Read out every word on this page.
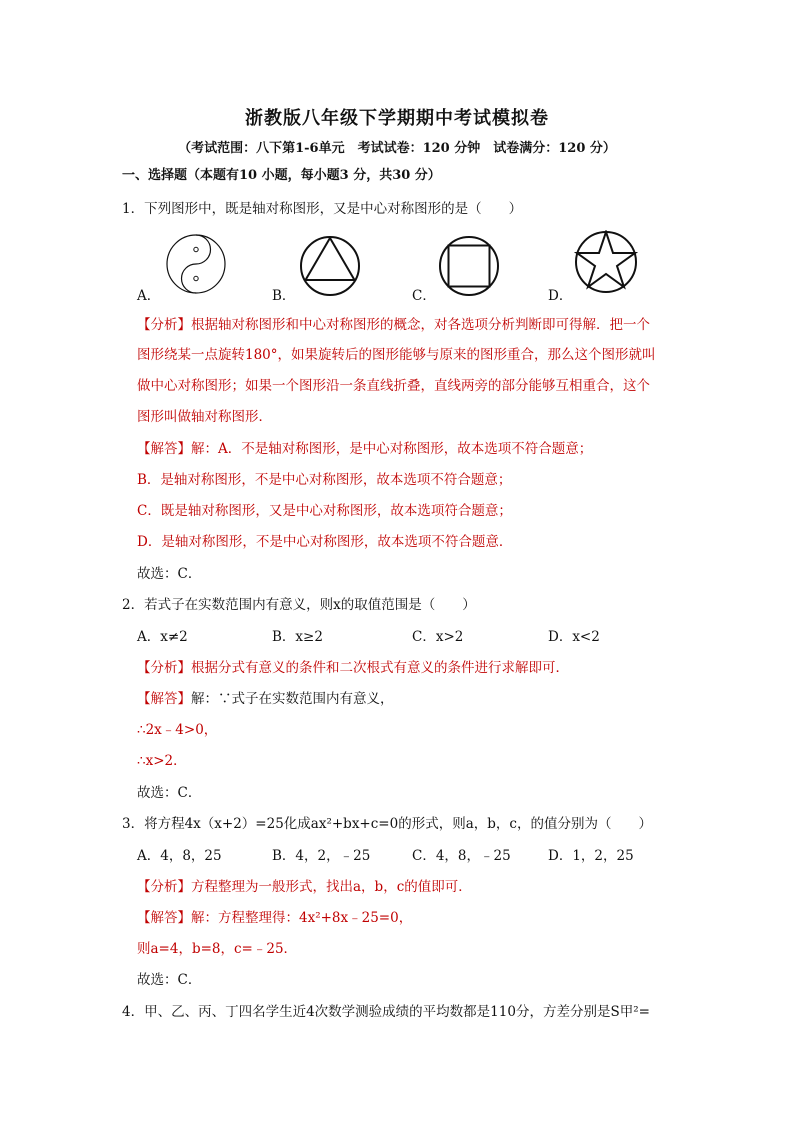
浙教版八年级下学期期中考试模拟卷
（考试范围：八下第1-6单元　考试试卷：120 分钟　试卷满分：120 分）
一、选择题（本题有10 小题，每小题3 分，共30 分）
1．下列图形中，既是轴对称图形，又是中心对称图形的是（　　）
A．	B．	C．	D．
【分析】根据轴对称图形和中心对称图形的概念，对各选项分析判断即可得解．把一个
图形绕某一点旋转180°，如果旋转后的图形能够与原来的图形重合，那么这个图形就叫
做中心对称图形；如果一个图形沿一条直线折叠，直线两旁的部分能够互相重合，这个
图形叫做轴对称图形．
【解答】解：A．不是轴对称图形，是中心对称图形，故本选项不符合题意；
B．是轴对称图形，不是中心对称图形，故本选项不符合题意；
C．既是轴对称图形，又是中心对称图形，故本选项符合题意；
D．是轴对称图形，不是中心对称图形，故本选项不符合题意．
故选：C．
2．若式子在实数范围内有意义，则x的取值范围是（　　）
A．x≠2	B．x≥2	C．x>2	D．x<2
【分析】根据分式有意义的条件和二次根式有意义的条件进行求解即可．
【解答】解：∵式子在实数范围内有意义，
∴2x﹣4>0，
∴x>2．
故选：C．
3．将方程4x（x+2）=25化成ax²+bx+c=0的形式，则a，b，c，的值分别为（　　）
A．4，8，25	B．4，2，﹣25	C．4，8，﹣25	D．1，2，25
【分析】方程整理为一般形式，找出a，b，c的值即可．
【解答】解：方程整理得：4x²+8x﹣25=0，
则a=4，b=8，c=﹣25．
故选：C．
4．甲、乙、丙、丁四名学生近4次数学测验成绩的平均数都是110分，方差分别是S甲²=
